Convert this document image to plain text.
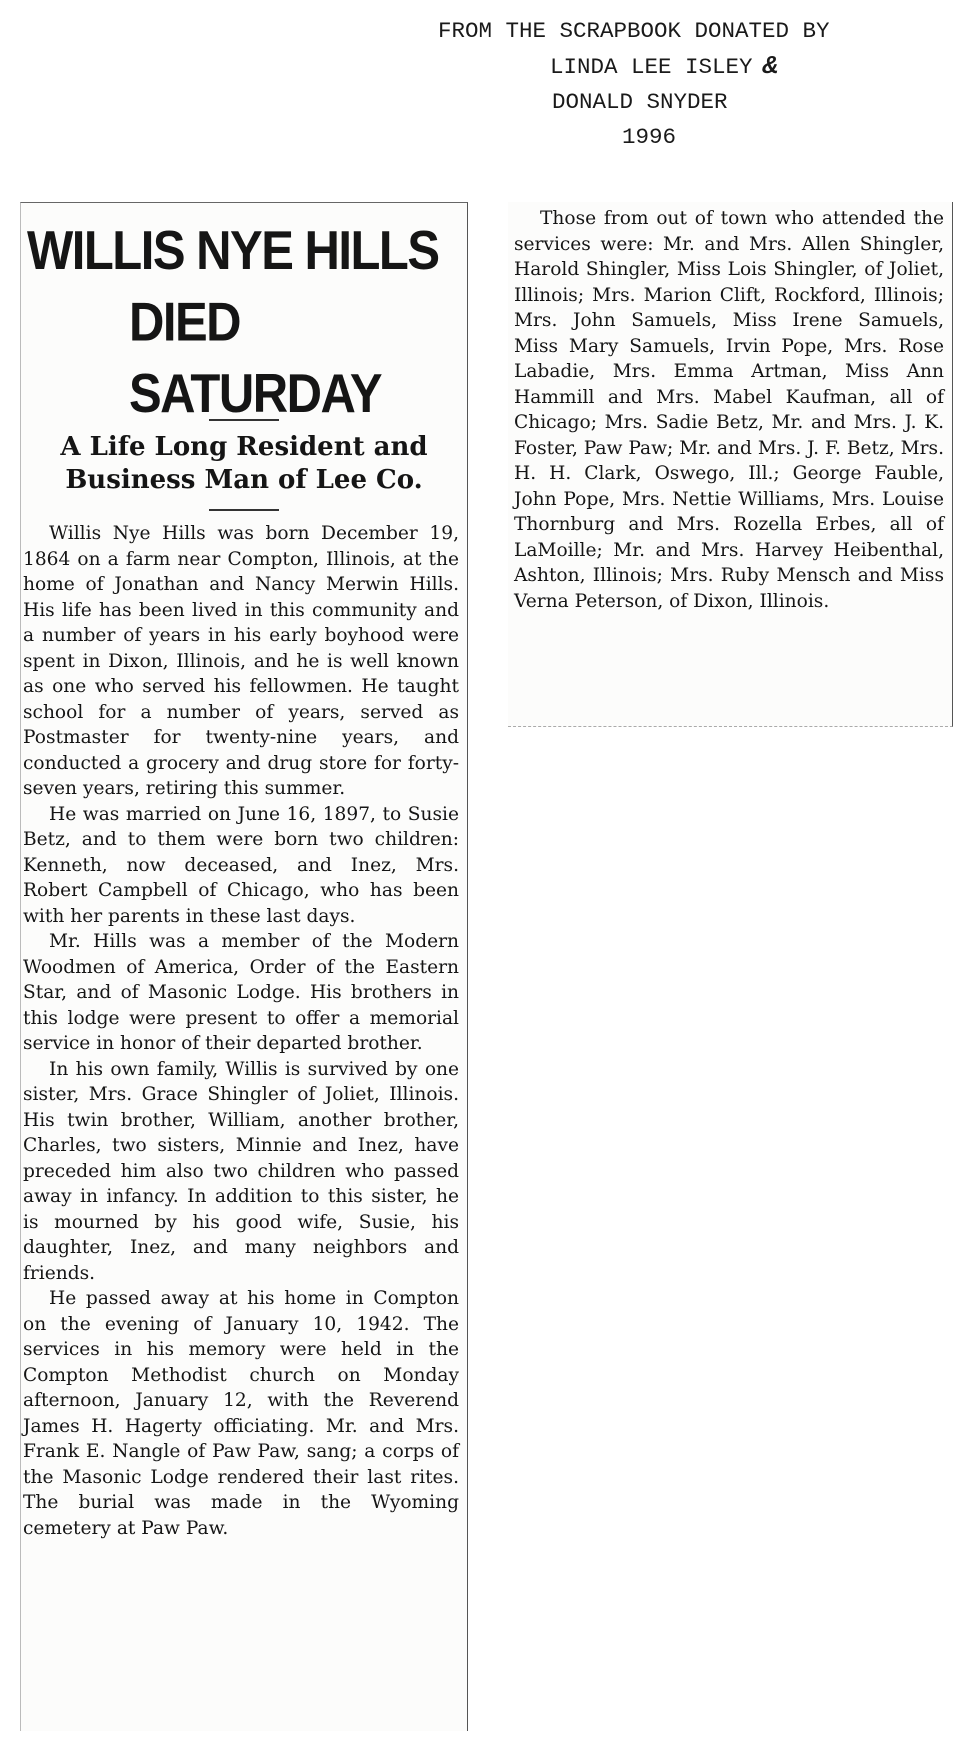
FROM THE SCRAPBOOK DONATED BY
LINDA LEE ISLEY &
DONALD SNYDER
1996
WILLIS NYE HILLS
DIED SATURDAY
A Life Long Resident and Business Man of Lee Co.

Willis Nye Hills was born December 19, 1864 on a farm near Compton, Illinois, at the home of Jonathan and Nancy Merwin Hills. His life has been lived in this community and a number of years in his early boyhood were spent in Dixon, Illinois, and he is well known as one who served his fellowmen. He taught school for a number of years, served as Postmaster for twenty-nine years, and conducted a grocery and drug store for forty-seven years, retiring this summer.

He was married on June 16, 1897, to Susie Betz, and to them were born two children: Kenneth, now deceased, and Inez, Mrs. Robert Campbell of Chicago, who has been with her parents in these last days.

Mr. Hills was a member of the Modern Woodmen of America, Order of the Eastern Star, and of Masonic Lodge. His brothers in this lodge were present to offer a memorial service in honor of their departed brother.

In his own family, Willis is survived by one sister, Mrs. Grace Shingler of Joliet, Illinois. His twin brother, William, another brother, Charles, two sisters, Minnie and Inez, have preceded him also two children who passed away in infancy. In addition to this sister, he is mourned by his good wife, Susie, his daughter, Inez, and many neighbors and friends.

He passed away at his home in Compton on the evening of January 10, 1942. The services in his memory were held in the Compton Methodist church on Monday afternoon, January 12, with the Reverend James H. Hagerty officiating. Mr. and Mrs. Frank E. Nangle of Paw Paw, sang; a corps of the Masonic Lodge rendered their last rites. The burial was made in the Wyoming cemetery at Paw Paw.

Those from out of town who attended the services were: Mr. and Mrs. Allen Shingler, Harold Shingler, Miss Lois Shingler, of Joliet, Illinois; Mrs. Marion Clift, Rockford, Illinois; Mrs. John Samuels, Miss Irene Samuels, Miss Mary Samuels, Irvin Pope, Mrs. Rose Labadie, Mrs. Emma Artman, Miss Ann Hammill and Mrs. Mabel Kaufman, all of Chicago; Mrs. Sadie Betz, Mr. and Mrs. J. K. Foster, Paw Paw; Mr. and Mrs. J. F. Betz, Mrs. H. H. Clark, Oswego, Ill.; George Fauble, John Pope, Mrs. Nettie Williams, Mrs. Louise Thornburg and Mrs. Rozella Erbes, all of LaMoille; Mr. and Mrs. Harvey Heibenthal, Ashton, Illinois; Mrs. Ruby Mensch and Miss Verna Peterson, of Dixon, Illinois.
